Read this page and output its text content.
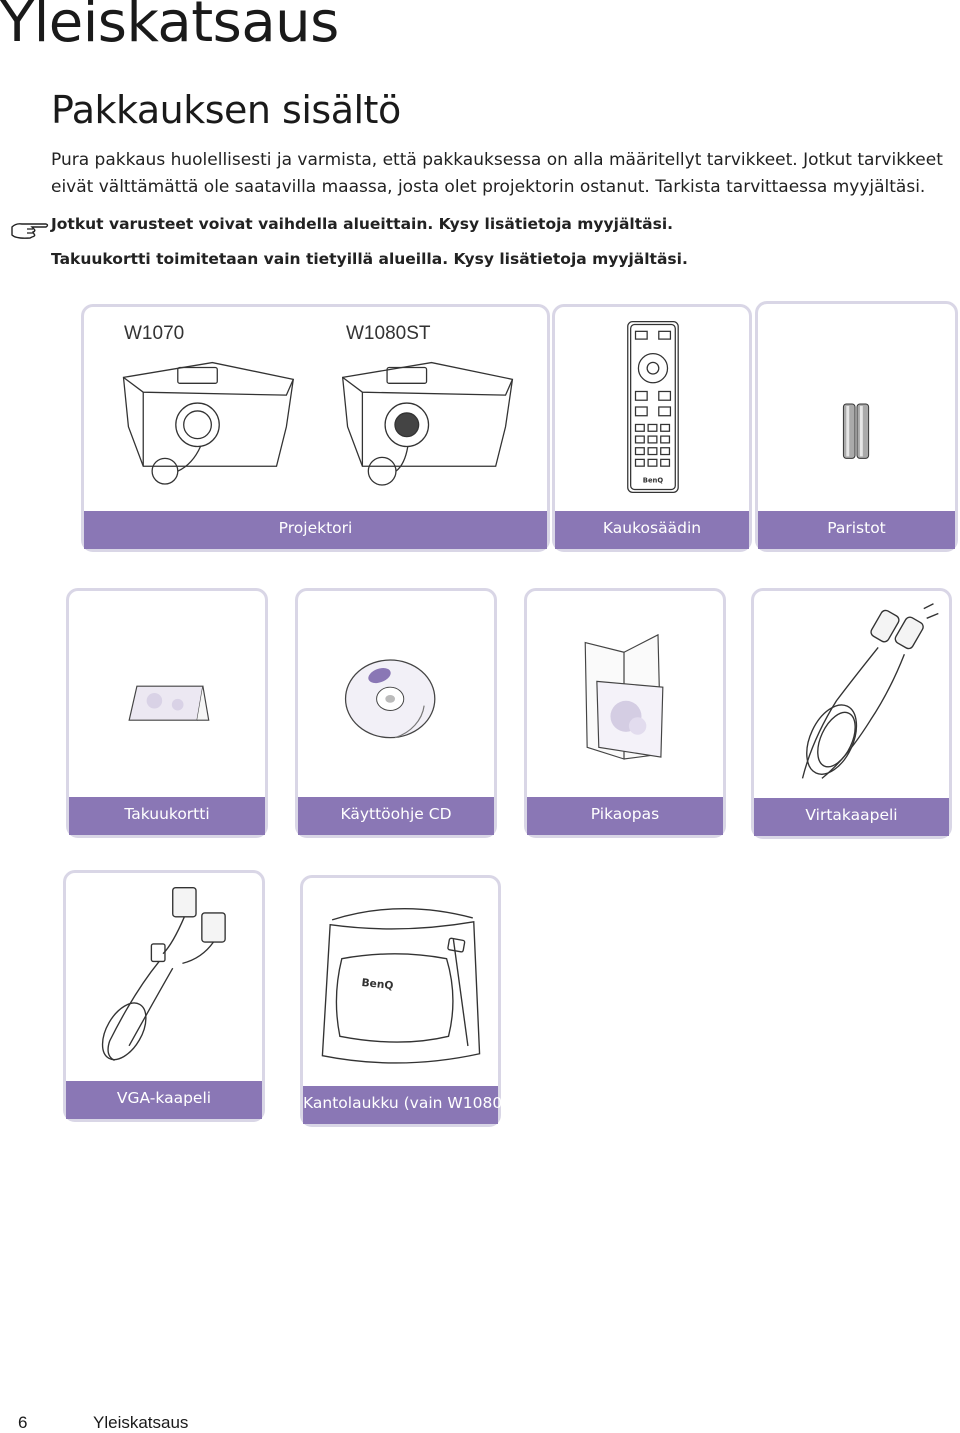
Yleiskatsaus
Pakkauksen sisältö

Pura pakkaus huolellisesti ja varmista, että pakkauksessa on alla määritellyt tarvikkeet. Jotkut tarvikkeet eivät välttämättä ole saatavilla maassa, josta olet projektorin ostanut. Tarkista tarvittaessa myyjältäsi.

Jotkut varusteet voivat vaihdella alueittain. Kysy lisätietoja myyjältäsi.

Takuukortti toimitetaan vain tietyillä alueilla. Kysy lisätietoja myyjältäsi.

W1070	W1080ST
Projektori
BenQ
Kaukosäädin	Paristot
Takuukortti	Käyttöohje CD	Pikaopas	Virtakaapeli
VGA-kaapeli
BenQ
Kantolaukku (vain W1080ST)
6	Yleiskatsaus
